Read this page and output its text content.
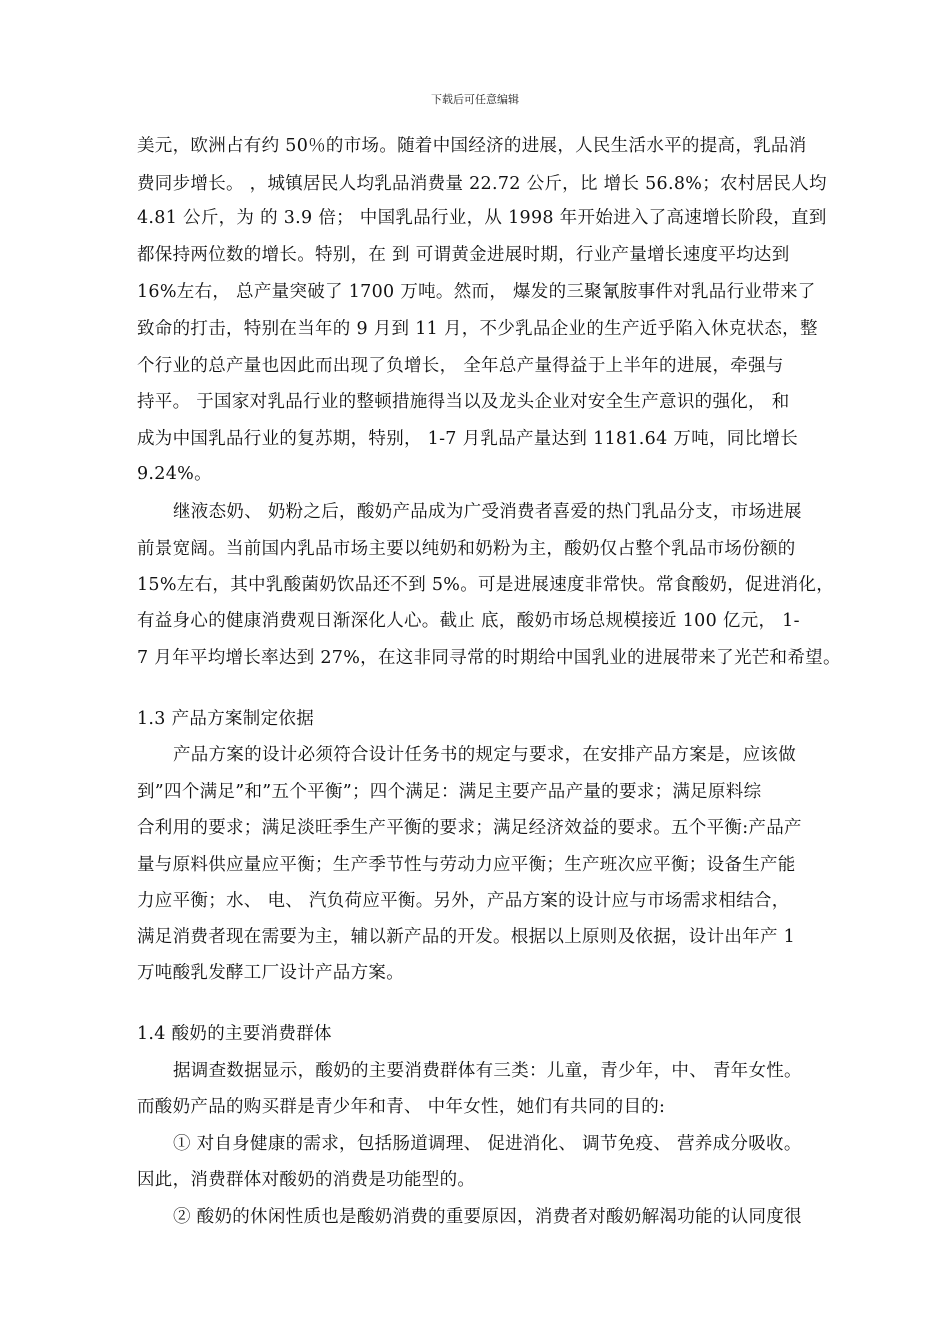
下载后可任意编辑
美元，欧洲占有约 50％的市场。随着中国经济的进展，人民生活水平的提高，乳品消
费同步增长。 ，城镇居民人均乳品消费量 22.72 公斤，比 增长 56.8%；农村居民人均
4.81 公斤，为 的 3.9 倍； 中国乳品行业，从 1998 年开始进入了高速增长阶段，直到
都保持两位数的增长。特别，在 到 可谓黄金进展时期，行业产量增长速度平均达到
16%左右， 总产量突破了 1700 万吨。然而， 爆发的三聚氰胺事件对乳品行业带来了
致命的打击，特别在当年的 9 月到 11 月，不少乳品企业的生产近乎陷入休克状态，整
个行业的总产量也因此而出现了负增长， 全年总产量得益于上半年的进展，牵强与
持平。 于国家对乳品行业的整顿措施得当以及龙头企业对安全生产意识的强化， 和
成为中国乳品行业的复苏期，特别， 1-7 月乳品产量达到 1181.64 万吨，同比增长
9.24%。
继液态奶、 奶粉之后，酸奶产品成为广受消费者喜爱的热门乳品分支，市场进展
前景宽阔。当前国内乳品市场主要以纯奶和奶粉为主，酸奶仅占整个乳品市场份额的
15%左右，其中乳酸菌奶饮品还不到 5%。可是进展速度非常快。常食酸奶，促进消化，
有益身心的健康消费观日渐深化人心。截止 底，酸奶市场总规模接近 100 亿元， 1-
7 月年平均增长率达到 27%，在这非同寻常的时期给中国乳业的进展带来了光芒和希望。
1.3 产品方案制定依据
产品方案的设计必须符合设计任务书的规定与要求，在安排产品方案是，应该做
到”四个满足”和”五个平衡”；四个满足：满足主要产品产量的要求；满足原料综
合利用的要求；满足淡旺季生产平衡的要求；满足经济效益的要求。五个平衡:产品产
量与原料供应量应平衡；生产季节性与劳动力应平衡；生产班次应平衡；设备生产能
力应平衡；水、 电、 汽负荷应平衡。另外，产品方案的设计应与市场需求相结合，
满足消费者现在需要为主，辅以新产品的开发。根据以上原则及依据，设计出年产 1
万吨酸乳发酵工厂设计产品方案。
1.4 酸奶的主要消费群体
据调查数据显示，酸奶的主要消费群体有三类：儿童，青少年，中、 青年女性。
而酸奶产品的购买群是青少年和青、 中年女性，她们有共同的目的:
① 对自身健康的需求，包括肠道调理、 促进消化、 调节免疫、 营养成分吸收。
因此，消费群体对酸奶的消费是功能型的。
② 酸奶的休闲性质也是酸奶消费的重要原因，消费者对酸奶解渴功能的认同度很
